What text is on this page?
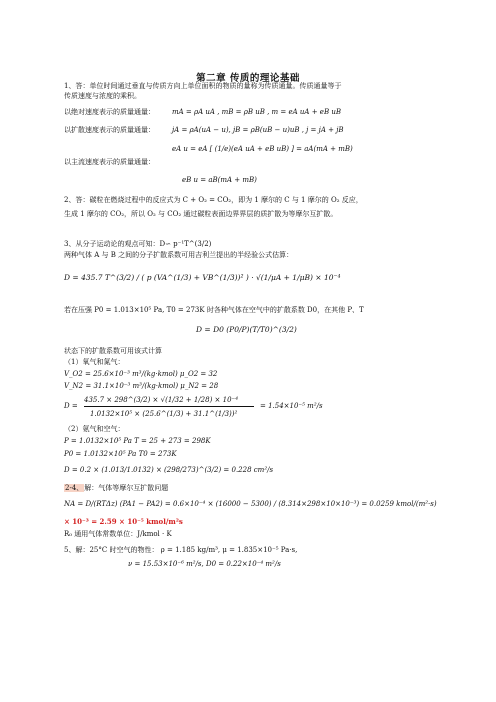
第二章 传质的理论基础
1、答：单位时间通过垂直与传质方向上单位面积的物质的量称为传质通量。传质通量等于
传质速度与浓度的乘积。
以绝对速度表示的质量通量： mA = ρA uA , mB = ρB uB , m = eA uA + eB uB
以扩散速度表示的质量通量： jA = ρA(uA − u), jB = ρB(uB − u)uB , j = jA + jB
eA u = eA [ (1/e)(eA uA + eB uB) ] = aA(mA + mB)
以主流速度表示的质量通量：
eB u = aB(mA + mB)
2、答：碳粒在燃烧过程中的反应式为 C + O₂ = CO₂，即为 1 摩尔的 C 与 1 摩尔的 O₂ 反应，
生成 1 摩尔的 CO₂，所以 O₂ 与 CO₂ 通过碳粒表面边界界层的质扩散为等摩尔互扩散。
3、从分子运动论的观点可知：D∽ p⁻¹T^(3/2)
两种气体 A 与 B 之间的分子扩散系数可用吉利兰提出的半经验公式估算：
D = 435.7 T^(3/2) / ( p (VA^(1/3) + VB^(1/3))² ) · √(1/μA + 1/μB) × 10⁻⁴
若在压强 P0 = 1.013×10⁵ Pa, T0 = 273K 时各种气体在空气中的扩散系数 D0，在其他 P、T
D = D0 (P0/P)(T/T0)^(3/2)
状态下的扩散系数可用该式计算
（1）氧气和氮气：
V_O2 = 25.6×10⁻³ m³/(kg·kmol) μ_O2 = 32
V_N2 = 31.1×10⁻³ m³/(kg·kmol) μ_N2 = 28
D =
435.7 × 298^(3/2) × √(1/32 + 1/28) × 10⁻⁴
1.0132×10⁵ × (25.6^(1/3) + 31.1^(1/3))²
= 1.54×10⁻⁵ m²/s
（2）氨气和空气：
P = 1.0132×10⁵ Pa T = 25 + 273 = 298K
P0 = 1.0132×10⁵ Pa T0 = 273K
D = 0.2 × (1.013/1.0132) × (298/273)^(3/2) = 0.228 cm²/s
2-4、解：气体等摩尔互扩散问题
NA = D/(RTΔz) (PA1 − PA2) = 0.6×10⁻⁴ × (16000 − 5300) / (8.314×298×10×10⁻³) = 0.0259 kmol/(m²·s)
× 10⁻³ = 2.59 × 10⁻⁵ kmol/m²s
R₀ 通用气体常数单位：J/kmol · K
5、解：25°C 时空气的物性： ρ = 1.185 kg/m³, μ = 1.835×10⁻⁵ Pa·s,
ν = 15.53×10⁻⁶ m²/s, D0 = 0.22×10⁻⁴ m²/s
